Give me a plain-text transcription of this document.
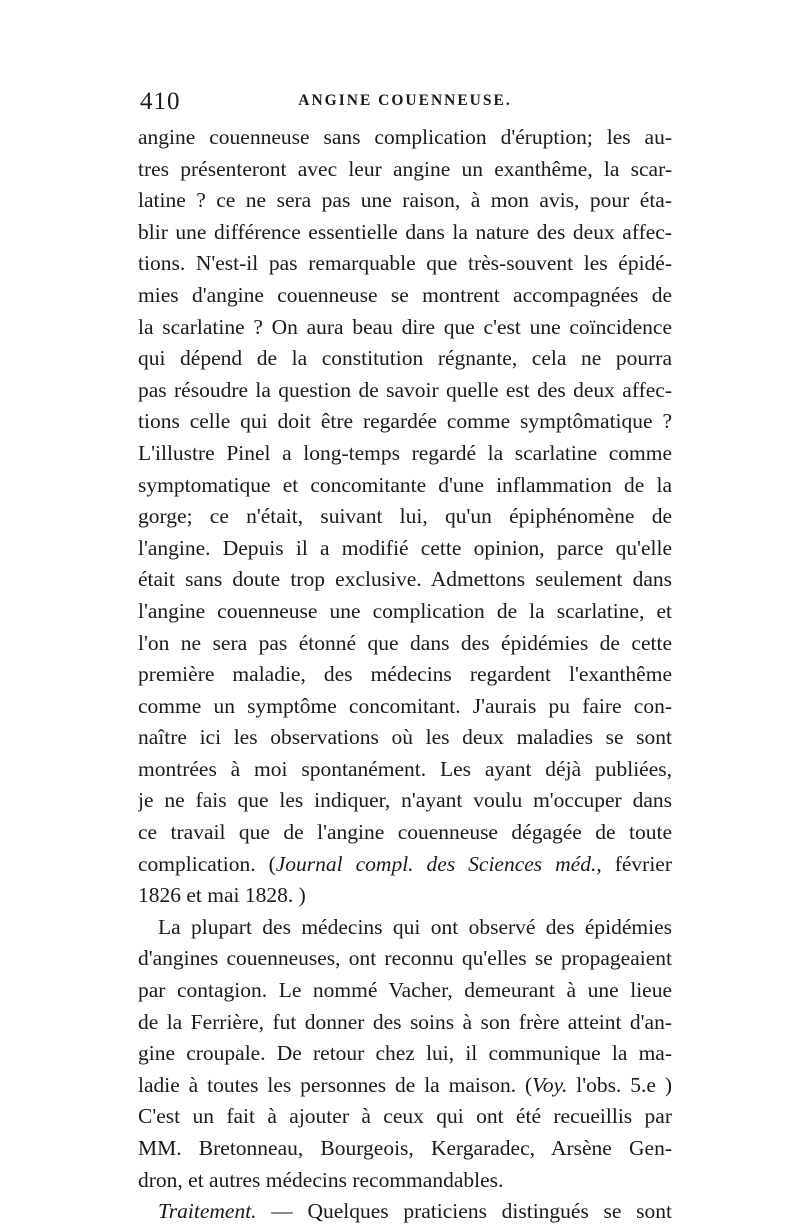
410	ANGINE COUENNEUSE.
angine couenneuse sans complication d'éruption; les au-
tres présenteront avec leur angine un exanthême, la scar-
latine ? ce ne sera pas une raison, à mon avis, pour éta-
blir une différence essentielle dans la nature des deux affec-
tions. N'est-il pas remarquable que très-souvent les épidé-
mies d'angine couenneuse se montrent accompagnées de
la scarlatine ? On aura beau dire que c'est une coïncidence
qui dépend de la constitution régnante, cela ne pourra
pas résoudre la question de savoir quelle est des deux affec-
tions celle qui doit être regardée comme symptômatique ?
L'illustre Pinel a long-temps regardé la scarlatine comme
symptomatique et concomitante d'une inflammation de la
gorge; ce n'était, suivant lui, qu'un épiphénomène de
l'angine. Depuis il a modifié cette opinion, parce qu'elle
était sans doute trop exclusive. Admettons seulement dans
l'angine couenneuse une complication de la scarlatine, et
l'on ne sera pas étonné que dans des épidémies de cette
première maladie, des médecins regardent l'exanthême
comme un symptôme concomitant. J'aurais pu faire con-
naître ici les observations où les deux maladies se sont
montrées à moi spontanément. Les ayant déjà publiées,
je ne fais que les indiquer, n'ayant voulu m'occuper dans
ce travail que de l'angine couenneuse dégagée de toute
complication. (Journal compl. des Sciences méd., février
1826 et mai 1828. )
La plupart des médecins qui ont observé des épidémies
d'angines couenneuses, ont reconnu qu'elles se propageaient
par contagion. Le nommé Vacher, demeurant à une lieue
de la Ferrière, fut donner des soins à son frère atteint d'an-
gine croupale. De retour chez lui, il communique la ma-
ladie à toutes les personnes de la maison. (Voy. l'obs. 5.e )
C'est un fait à ajouter à ceux qui ont été recueillis par
MM. Bretonneau, Bourgeois, Kergaradec, Arsène Gen-
dron, et autres médecins recommandables.
Traitement. — Quelques praticiens distingués se sont
